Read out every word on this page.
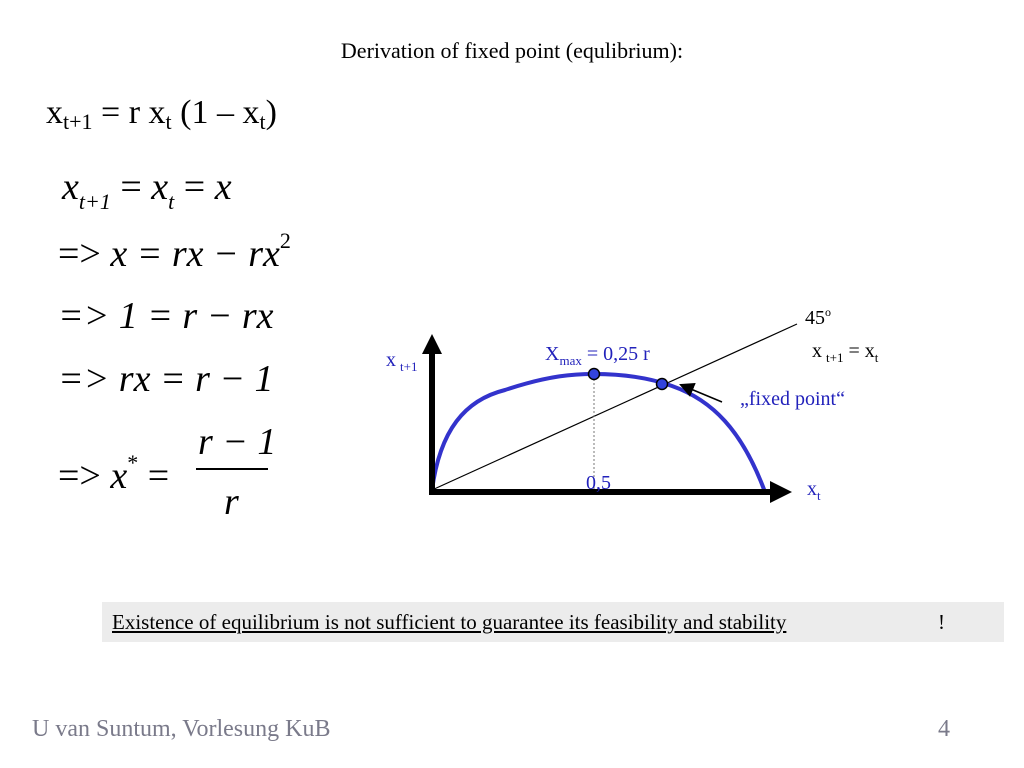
Derivation of fixed point (equlibrium):
$x_{t+1} = r$ $x_t$ $(1 - x_t)$
$x_{t+1} = x_t = x$
=> x = rx − $rx^2$
=> 1 = r − rx
=> rx = r − 1
=> x* =
r − 1
r
x $_{t+1}$
$x_t$
$X_{max} = 0,25$ r
0,5
45$^o$
x $_{t+1} = x_t$
„fixed point“
Existence of equilibrium is not sufficient to guarantee its feasibility and stability	!
U van Suntum, Vorlesung KuB	4
